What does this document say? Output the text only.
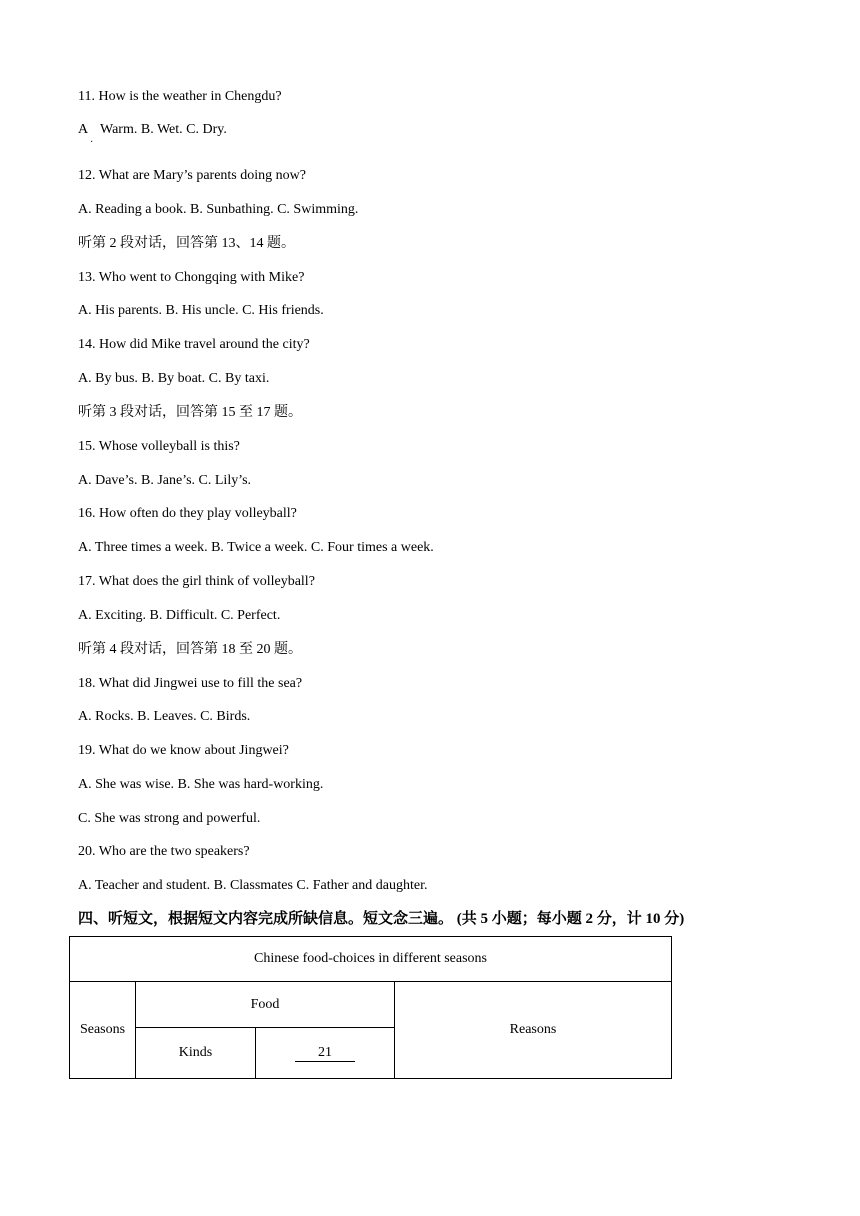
11. How is the weather in Chengdu?
A Warm. B. Wet. C. Dry.
·
12. What are Mary’s parents doing now?
A. Reading a book. B. Sunbathing. C. Swimming.
听第 2 段对话，回答第 13、14 题。
13. Who went to Chongqing with Mike?
A. His parents. B. His uncle. C. His friends.
14. How did Mike travel around the city?
A. By bus. B. By boat. C. By taxi.
听第 3 段对话，回答第 15 至 17 题。
15. Whose volleyball is this?
A. Dave’s. B. Jane’s. C. Lily’s.
16. How often do they play volleyball?
A. Three times a week. B. Twice a week. C. Four times a week.
17. What does the girl think of volleyball?
A. Exciting. B. Difficult. C. Perfect.
听第 4 段对话，回答第 18 至 20 题。
18. What did Jingwei use to fill the sea?
A. Rocks. B. Leaves. C. Birds.
19. What do we know about Jingwei?
A. She was wise. B. She was hard-working.
C. She was strong and powerful.
20. Who are the two speakers?
A. Teacher and student. B. Classmates C. Father and daughter.
四、听短文，根据短文内容完成所缺信息。短文念三遍。 (共 5 小题；每小题 2 分，计 10 分)
Chinese food-choices in different seasons			
Seasons	Food		Reasons
	Kinds	21	
